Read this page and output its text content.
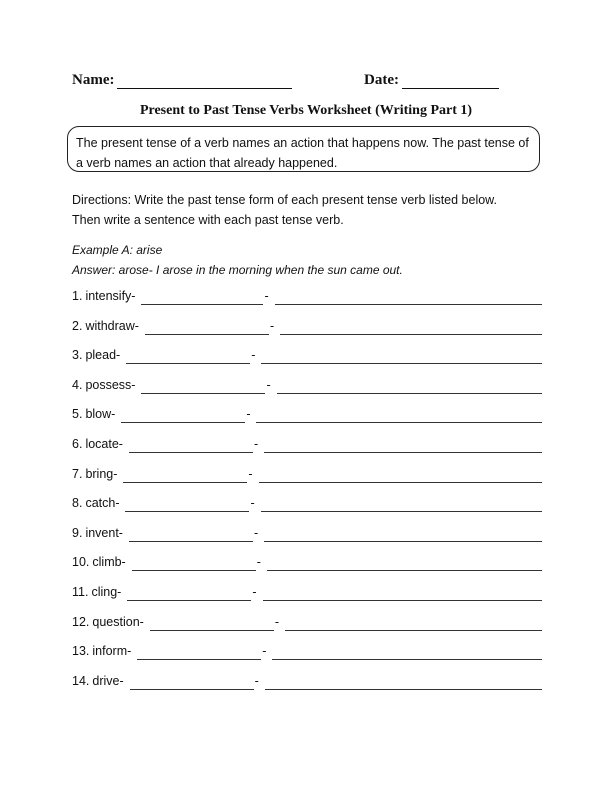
Name:	Date:
Present to Past Tense Verbs Worksheet (Writing Part 1)
The present tense of a verb names an action that happens now. The past tense of a verb names an action that already happened.
Directions: Write the past tense form of each present tense verb listed below.
Then write a sentence with each past tense verb.
Example A: arise
Answer: arose- I arose in the morning when the sun came out.
1. intensify-	-
2. withdraw-	-
3. plead-	-
4. possess-	-
5. blow-	-
6. locate-	-
7. bring-	-
8. catch-	-
9. invent-	-
10. climb-	-
11. cling-	-
12. question-	-
13. inform-	-
14. drive-	-
